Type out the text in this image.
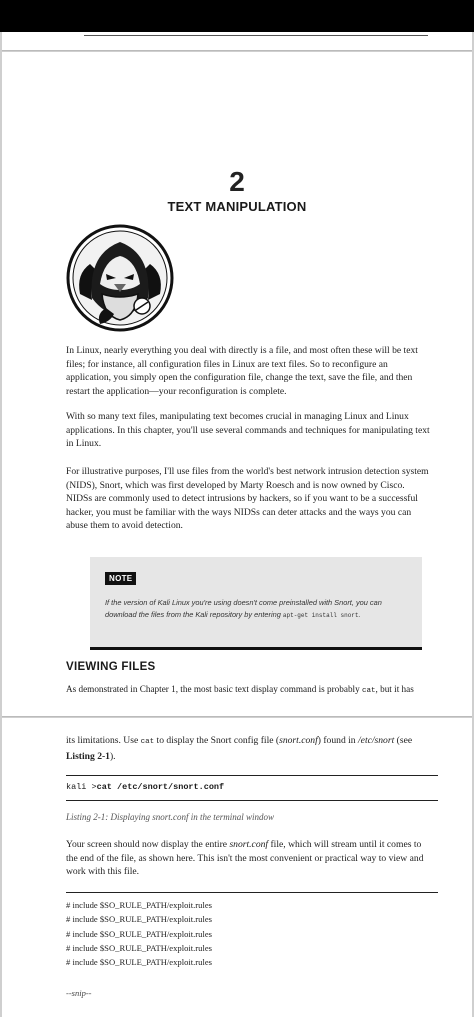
2
TEXT MANIPULATION

In Linux, nearly everything you deal with directly is a file, and most often these will be text files; for instance, all configuration files in Linux are text files. So to reconfigure an application, you simply open the configuration file, change the text, save the file, and then restart the application—your reconfiguration is complete.

With so many text files, manipulating text becomes crucial in managing Linux and Linux applications. In this chapter, you'll use several commands and techniques for manipulating text in Linux.

For illustrative purposes, I'll use files from the world's best network intrusion detection system (NIDS), Snort, which was first developed by Marty Roesch and is now owned by Cisco. NIDSs are commonly used to detect intrusions by hackers, so if you want to be a successful hacker, you must be familiar with the ways NIDSs can deter attacks and the ways you can abuse them to avoid detection.

NOTE

If the version of Kali Linux you're using doesn't come preinstalled with Snort, you can download the files from the Kali repository by entering apt-get install snort.

VIEWING FILES
As demonstrated in Chapter 1, the most basic text display command is probably cat, but it has

its limitations. Use cat to display the Snort config file (snort.conf) found in /etc/snort (see Listing 2-1).

kali >cat /etc/snort/snort.conf
Listing 2-1: Displaying snort.conf in the terminal window

Your screen should now display the entire snort.conf file, which will stream until it comes to the end of the file, as shown here. This isn't the most convenient or practical way to view and work with this file.

# include $SO_RULE_PATH/exploit.rules
# include $SO_RULE_PATH/exploit.rules
# include $SO_RULE_PATH/exploit.rules
# include $SO_RULE_PATH/exploit.rules
# include $SO_RULE_PATH/exploit.rules
--snip--
